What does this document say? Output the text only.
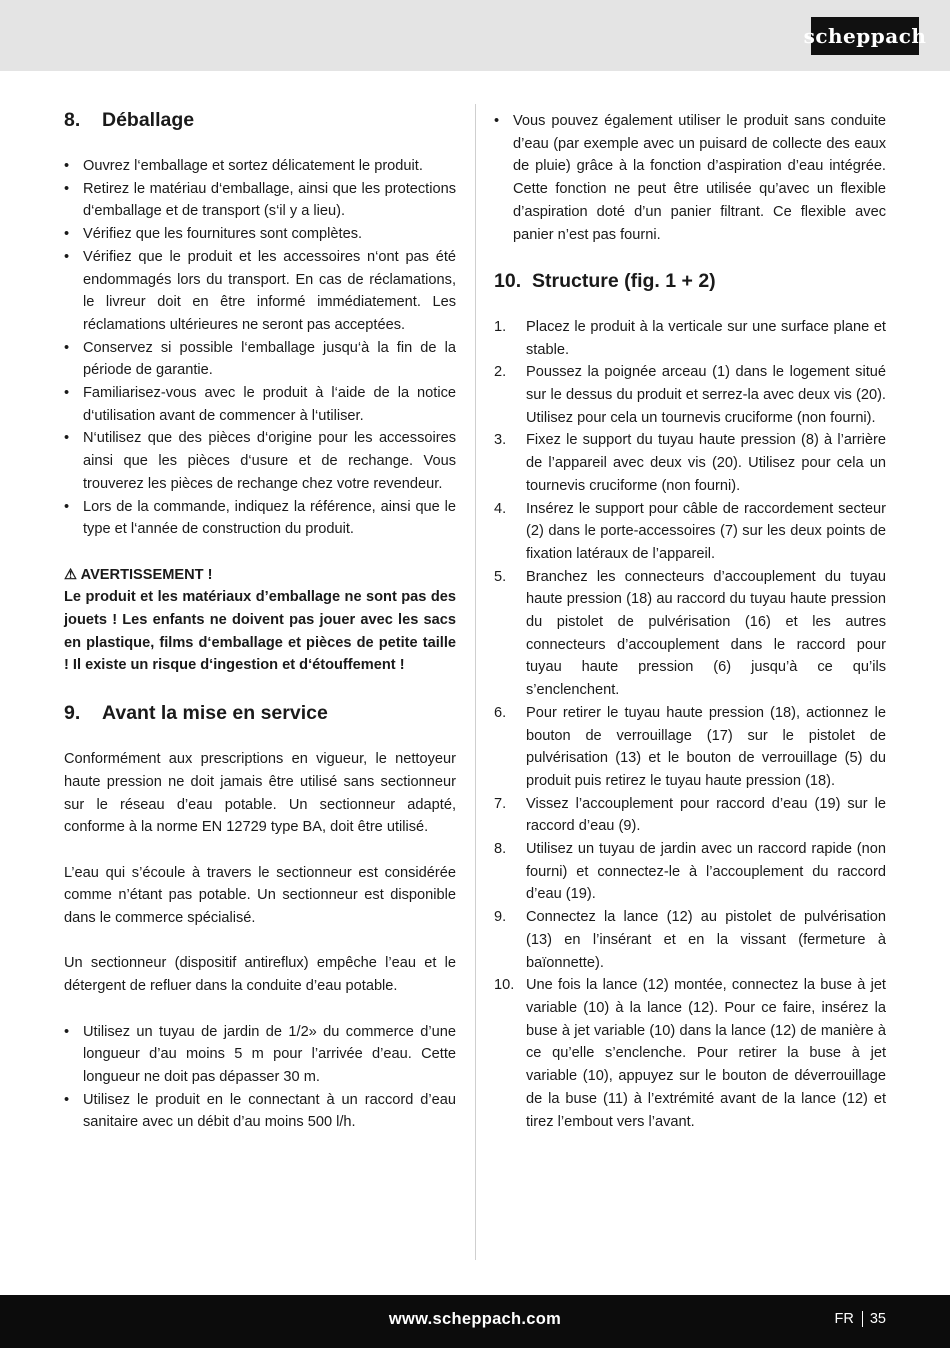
scheppach
8.	Déballage
• Ouvrez l‘emballage et sortez délicatement le produit.
• Retirez le matériau d‘emballage, ainsi que les protections d‘emballage et de transport (s‘il y a lieu).
• Vérifiez que les fournitures sont complètes.
• Vérifiez que le produit et les accessoires n‘ont pas été endommagés lors du transport. En cas de réclamations, le livreur doit en être informé immédiatement. Les réclamations ultérieures ne seront pas acceptées.
• Conservez si possible l‘emballage jusqu‘à la fin de la période de garantie.
• Familiarisez-vous avec le produit à l‘aide de la notice d‘utilisation avant de commencer à l‘utiliser.
• N‘utilisez que des pièces d‘origine pour les accessoires ainsi que les pièces d‘usure et de rechange. Vous trouverez les pièces de rechange chez votre revendeur.
• Lors de la commande, indiquez la référence, ainsi que le type et l‘année de construction du produit.
⚠ AVERTISSEMENT !
Le produit et les matériaux d’emballage ne sont pas des jouets ! Les enfants ne doivent pas jouer avec les sacs en plastique, films d‘emballage et pièces de petite taille ! Il existe un risque d‘ingestion et d‘étouffement !
9.	Avant la mise en service

Conformément aux prescriptions en vigueur, le nettoyeur haute pression ne doit jamais être utilisé sans sectionneur sur le réseau d’eau potable. Un sectionneur adapté, conforme à la norme EN 12729 type BA, doit être utilisé.

L’eau qui s’écoule à travers le sectionneur est considérée comme n’étant pas potable. Un sectionneur est disponible dans le commerce spécialisé.

Un sectionneur (dispositif antireflux) empêche l’eau et le détergent de refluer dans la conduite d’eau potable.

• Utilisez un tuyau de jardin de 1/2» du commerce d’une longueur d’au moins 5 m pour l’arrivée d’eau. Cette longueur ne doit pas dépasser 30 m.
• Utilisez le produit en le connectant à un raccord d’eau sanitaire avec un débit d’au moins 500 l/h.
• Vous pouvez également utiliser le produit sans conduite d’eau (par exemple avec un puisard de collecte des eaux de pluie) grâce à la fonction d’aspiration d’eau intégrée. Cette fonction ne peut être utilisée qu’avec un flexible d’aspiration doté d’un panier filtrant. Ce flexible avec panier n’est pas fourni.
10. Structure (fig. 1 + 2)
1. Placez le produit à la verticale sur une surface plane et stable.
2. Poussez la poignée arceau (1) dans le logement situé sur le dessus du produit et serrez-la avec deux vis (20). Utilisez pour cela un tournevis cruciforme (non fourni).
3. Fixez le support du tuyau haute pression (8) à l’arrière de l’appareil avec deux vis (20). Utilisez pour cela un tournevis cruciforme (non fourni).
4. Insérez le support pour câble de raccordement secteur (2) dans le porte-accessoires (7) sur les deux points de fixation latéraux de l’appareil.
5. Branchez les connecteurs d’accouplement du tuyau haute pression (18) au raccord du tuyau haute pression du pistolet de pulvérisation (16) et les autres connecteurs d’accouplement dans le raccord pour tuyau haute pression (6) jusqu’à ce qu’ils s’enclenchent.
6. Pour retirer le tuyau haute pression (18), actionnez le bouton de verrouillage (17) sur le pistolet de pulvérisation (13) et le bouton de verrouillage (5) du produit puis retirez le tuyau haute pression (18).
7. Vissez l’accouplement pour raccord d’eau (19) sur le raccord d’eau (9).
8. Utilisez un tuyau de jardin avec un raccord rapide (non fourni) et connectez-le à l’accouplement du raccord d’eau (19).
9. Connectez la lance (12) au pistolet de pulvérisation (13) en l’insérant et en la vissant (fermeture à baïonnette).
10. Une fois la lance (12) montée, connectez la buse à jet variable (10) à la lance (12). Pour ce faire, insérez la buse à jet variable (10) dans la lance (12) de manière à ce qu’elle s’enclenche. Pour retirer la buse à jet variable (10), appuyez sur le bouton de déverrouillage de la buse (11) à l’extrémité avant de la lance (12) et tirez l’embout vers l’avant.
www.scheppach.com	FR 35
